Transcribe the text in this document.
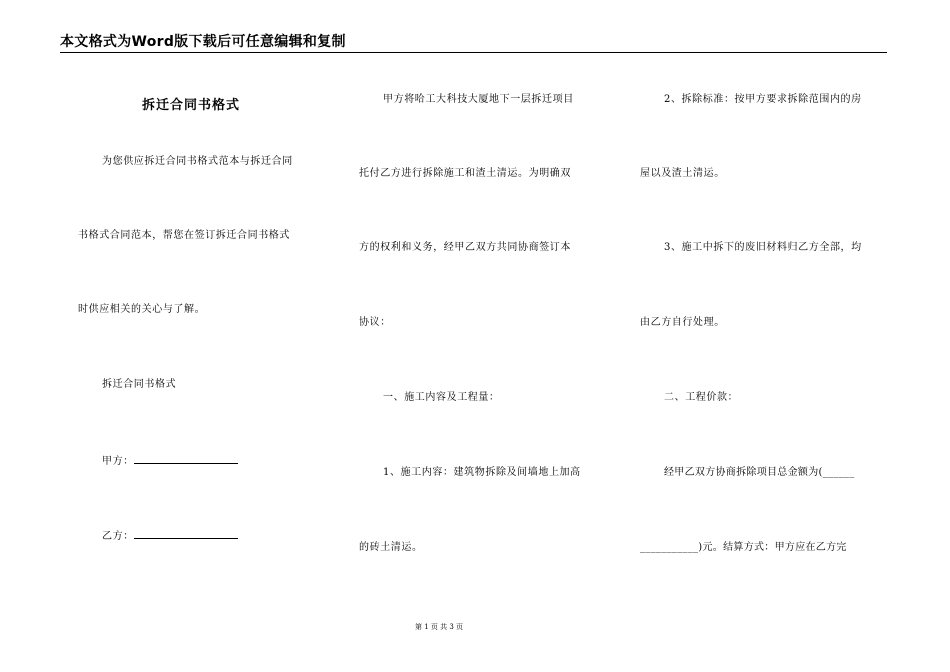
本文格式为Word版下载后可任意编辑和复制
拆迁合同书格式
为您供应拆迁合同书格式范本与拆迁合同
书格式合同范本，帮您在签订拆迁合同书格式
时供应相关的关心与了解。
拆迁合同书格式
甲方：
乙方：
甲方将哈工大科技大厦地下一层拆迁项目
托付乙方进行拆除施工和渣土清运。为明确双
方的权利和义务，经甲乙双方共同协商签订本
协议：
一、施工内容及工程量：
1、施工内容：建筑物拆除及间墙地上加高
的砖土清运。
2、拆除标准：按甲方要求拆除范围内的房
屋以及渣土清运。
3、施工中拆下的废旧材料归乙方全部，均
由乙方自行处理。
二、工程价款：
经甲乙双方协商拆除项目总金额为(______
___________)元。结算方式：甲方应在乙方完
第 1 页 共 3 页
